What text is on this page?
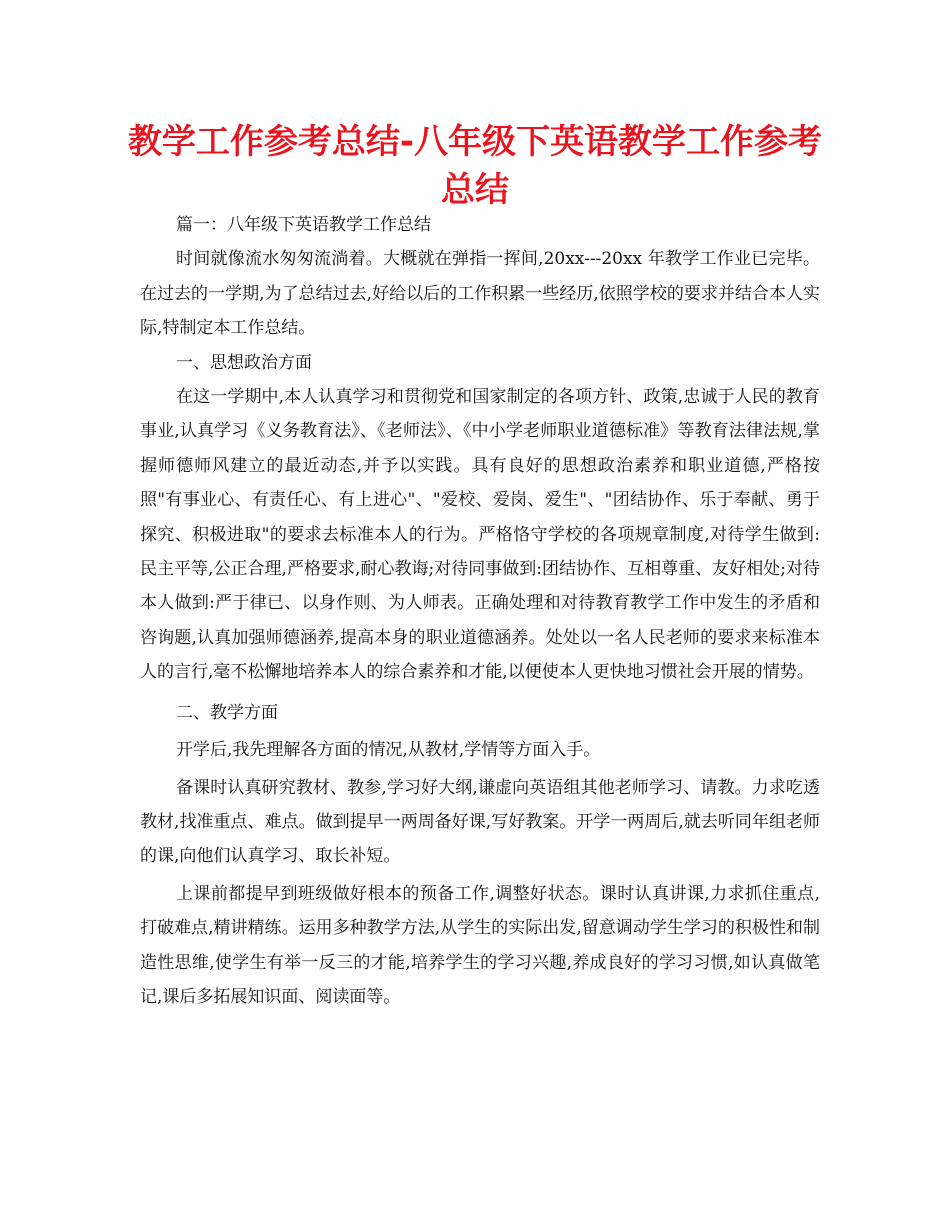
教学工作参考总结-八年级下英语教学工作参考总结

篇一：八年级下英语教学工作总结

时间就像流水匆匆流淌着。大概就在弹指一挥间,20xx---20xx 年教学工作业已完毕。在过去的一学期,为了总结过去,好给以后的工作积累一些经历,依照学校的要求并结合本人实际,特制定本工作总结。

一、思想政治方面

在这一学期中,本人认真学习和贯彻党和国家制定的各项方针、政策,忠诚于人民的教育事业,认真学习《义务教育法》、《老师法》、《中小学老师职业道德标准》等教育法律法规,掌握师德师风建立的最近动态,并予以实践。具有良好的思想政治素养和职业道德,严格按照"有事业心、有责任心、有上进心"、"爱校、爱岗、爱生"、"团结协作、乐于奉献、勇于探究、积极进取"的要求去标准本人的行为。严格恪守学校的各项规章制度,对待学生做到:民主平等,公正合理,严格要求,耐心教诲;对待同事做到:团结协作、互相尊重、友好相处;对待本人做到:严于律已、以身作则、为人师表。正确处理和对待教育教学工作中发生的矛盾和咨询题,认真加强师德涵养,提高本身的职业道德涵养。处处以一名人民老师的要求来标准本人的言行,毫不松懈地培养本人的综合素养和才能,以便使本人更快地习惯社会开展的情势。

二、教学方面

开学后,我先理解各方面的情况,从教材,学情等方面入手。

备课时认真研究教材、教参,学习好大纲,谦虚向英语组其他老师学习、请教。力求吃透教材,找准重点、难点。做到提早一两周备好课,写好教案。开学一两周后,就去听同年组老师的课,向他们认真学习、取长补短。

上课前都提早到班级做好根本的预备工作,调整好状态。课时认真讲课,力求抓住重点,打破难点,精讲精练。运用多种教学方法,从学生的实际出发,留意调动学生学习的积极性和制造性思维,使学生有举一反三的才能,培养学生的学习兴趣,养成良好的学习习惯,如认真做笔记,课后多拓展知识面、阅读面等。
